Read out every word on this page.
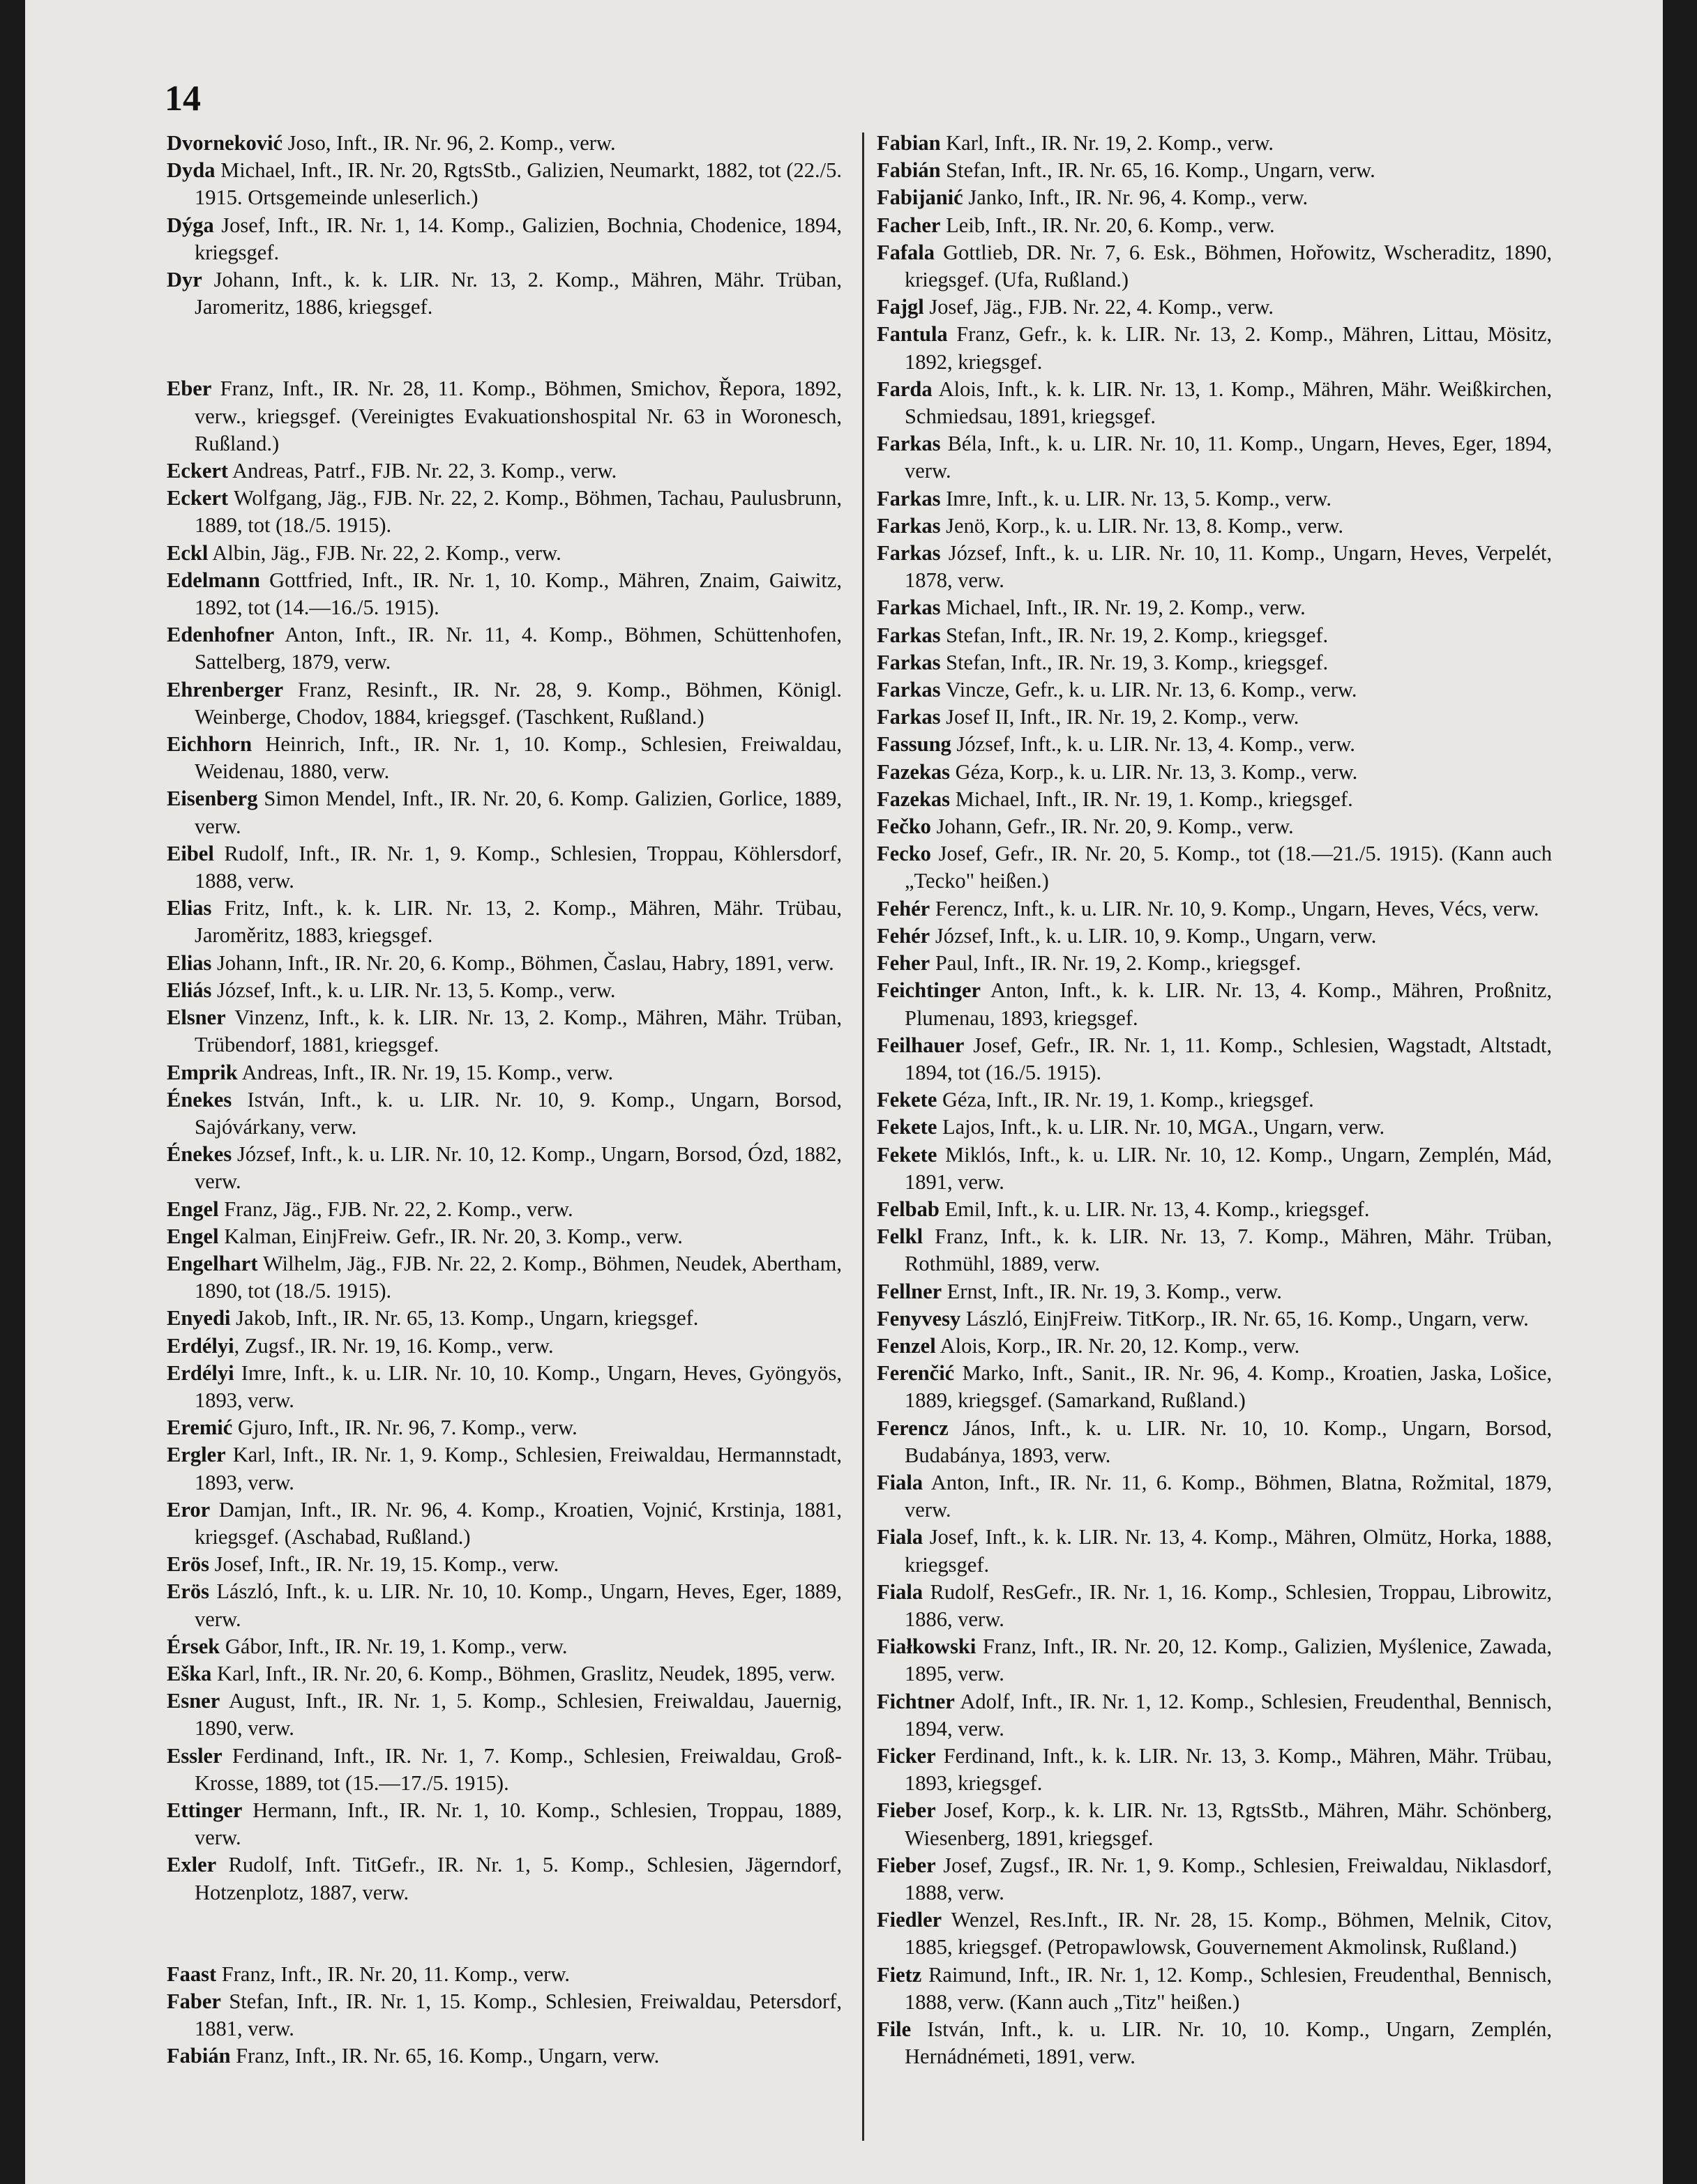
14

Dvorneković Joso, Inft., IR. Nr. 96, 2. Komp., verw.

Dyda Michael, Inft., IR. Nr. 20, RgtsStb., Galizien, Neumarkt, 1882, tot (22./5. 1915. Ortsgemeinde unleserlich.)

Dýga Josef, Inft., IR. Nr. 1, 14. Komp., Galizien, Bochnia, Chodenice, 1894, kriegsgef.

Dyr Johann, Inft., k. k. LIR. Nr. 13, 2. Komp., Mähren, Mähr. Trüban, Jaromeritz, 1886, kriegsgef.

Eber Franz, Inft., IR. Nr. 28, 11. Komp., Böhmen, Smichov, Řepora, 1892, verw., kriegsgef. (Vereinigtes Evakuationshospital Nr. 63 in Woronesch, Rußland.)

Eckert Andreas, Patrf., FJB. Nr. 22, 3. Komp., verw.

Eckert Wolfgang, Jäg., FJB. Nr. 22, 2. Komp., Böhmen, Tachau, Paulusbrunn, 1889, tot (18./5. 1915).

Eckl Albin, Jäg., FJB. Nr. 22, 2. Komp., verw.

Edelmann Gottfried, Inft., IR. Nr. 1, 10. Komp., Mähren, Znaim, Gaiwitz, 1892, tot (14.—16./5. 1915).

Edenhofner Anton, Inft., IR. Nr. 11, 4. Komp., Böhmen, Schüttenhofen, Sattelberg, 1879, verw.

Ehrenberger Franz, Resinft., IR. Nr. 28, 9. Komp., Böhmen, Königl. Weinberge, Chodov, 1884, kriegsgef. (Taschkent, Rußland.)

Eichhorn Heinrich, Inft., IR. Nr. 1, 10. Komp., Schlesien, Freiwaldau, Weidenau, 1880, verw.

Eisenberg Simon Mendel, Inft., IR. Nr. 20, 6. Komp. Galizien, Gorlice, 1889, verw.

Eibel Rudolf, Inft., IR. Nr. 1, 9. Komp., Schlesien, Troppau, Köhlersdorf, 1888, verw.

Elias Fritz, Inft., k. k. LIR. Nr. 13, 2. Komp., Mähren, Mähr. Trübau, Jaroměritz, 1883, kriegsgef.

Elias Johann, Inft., IR. Nr. 20, 6. Komp., Böhmen, Časlau, Habry, 1891, verw.

Eliás József, Inft., k. u. LIR. Nr. 13, 5. Komp., verw.

Elsner Vinzenz, Inft., k. k. LIR. Nr. 13, 2. Komp., Mähren, Mähr. Trüban, Trübendorf, 1881, kriegsgef.

Emprik Andreas, Inft., IR. Nr. 19, 15. Komp., verw.

Énekes István, Inft., k. u. LIR. Nr. 10, 9. Komp., Ungarn, Borsod, Sajóvárkany, verw.

Énekes József, Inft., k. u. LIR. Nr. 10, 12. Komp., Ungarn, Borsod, Ózd, 1882, verw.

Engel Franz, Jäg., FJB. Nr. 22, 2. Komp., verw.

Engel Kalman, EinjFreiw. Gefr., IR. Nr. 20, 3. Komp., verw.

Engelhart Wilhelm, Jäg., FJB. Nr. 22, 2. Komp., Böhmen, Neudek, Abertham, 1890, tot (18./5. 1915).

Enyedi Jakob, Inft., IR. Nr. 65, 13. Komp., Ungarn, kriegsgef.

Erdélyi, Zugsf., IR. Nr. 19, 16. Komp., verw.

Erdélyi Imre, Inft., k. u. LIR. Nr. 10, 10. Komp., Ungarn, Heves, Gyöngyös, 1893, verw.

Eremić Gjuro, Inft., IR. Nr. 96, 7. Komp., verw.

Ergler Karl, Inft., IR. Nr. 1, 9. Komp., Schlesien, Freiwaldau, Hermannstadt, 1893, verw.

Eror Damjan, Inft., IR. Nr. 96, 4. Komp., Kroatien, Vojnić, Krstinja, 1881, kriegsgef. (Aschabad, Rußland.)

Erös Josef, Inft., IR. Nr. 19, 15. Komp., verw.

Erös László, Inft., k. u. LIR. Nr. 10, 10. Komp., Ungarn, Heves, Eger, 1889, verw.

Érsek Gábor, Inft., IR. Nr. 19, 1. Komp., verw.

Eška Karl, Inft., IR. Nr. 20, 6. Komp., Böhmen, Graslitz, Neudek, 1895, verw.

Esner August, Inft., IR. Nr. 1, 5. Komp., Schlesien, Freiwaldau, Jauernig, 1890, verw.

Essler Ferdinand, Inft., IR. Nr. 1, 7. Komp., Schlesien, Freiwaldau, Groß-Krosse, 1889, tot (15.—17./5. 1915).

Ettinger Hermann, Inft., IR. Nr. 1, 10. Komp., Schlesien, Troppau, 1889, verw.

Exler Rudolf, Inft. TitGefr., IR. Nr. 1, 5. Komp., Schlesien, Jägerndorf, Hotzenplotz, 1887, verw.

Faast Franz, Inft., IR. Nr. 20, 11. Komp., verw.

Faber Stefan, Inft., IR. Nr. 1, 15. Komp., Schlesien, Freiwaldau, Petersdorf, 1881, verw.

Fabián Franz, Inft., IR. Nr. 65, 16. Komp., Ungarn, verw.

Fabian Karl, Inft., IR. Nr. 19, 2. Komp., verw.

Fabián Stefan, Inft., IR. Nr. 65, 16. Komp., Ungarn, verw.

Fabijanić Janko, Inft., IR. Nr. 96, 4. Komp., verw.

Facher Leib, Inft., IR. Nr. 20, 6. Komp., verw.

Fafala Gottlieb, DR. Nr. 7, 6. Esk., Böhmen, Hořowitz, Wscheraditz, 1890, kriegsgef. (Ufa, Rußland.)

Fajgl Josef, Jäg., FJB. Nr. 22, 4. Komp., verw.

Fantula Franz, Gefr., k. k. LIR. Nr. 13, 2. Komp., Mähren, Littau, Mösitz, 1892, kriegsgef.

Farda Alois, Inft., k. k. LIR. Nr. 13, 1. Komp., Mähren, Mähr. Weißkirchen, Schmiedsau, 1891, kriegsgef.

Farkas Béla, Inft., k. u. LIR. Nr. 10, 11. Komp., Ungarn, Heves, Eger, 1894, verw.

Farkas Imre, Inft., k. u. LIR. Nr. 13, 5. Komp., verw.

Farkas Jenö, Korp., k. u. LIR. Nr. 13, 8. Komp., verw.

Farkas József, Inft., k. u. LIR. Nr. 10, 11. Komp., Ungarn, Heves, Verpelét, 1878, verw.

Farkas Michael, Inft., IR. Nr. 19, 2. Komp., verw.

Farkas Stefan, Inft., IR. Nr. 19, 2. Komp., kriegsgef.

Farkas Stefan, Inft., IR. Nr. 19, 3. Komp., kriegsgef.

Farkas Vincze, Gefr., k. u. LIR. Nr. 13, 6. Komp., verw.

Farkas Josef II, Inft., IR. Nr. 19, 2. Komp., verw.

Fassung József, Inft., k. u. LIR. Nr. 13, 4. Komp., verw.

Fazekas Géza, Korp., k. u. LIR. Nr. 13, 3. Komp., verw.

Fazekas Michael, Inft., IR. Nr. 19, 1. Komp., kriegsgef.

Fečko Johann, Gefr., IR. Nr. 20, 9. Komp., verw.

Fecko Josef, Gefr., IR. Nr. 20, 5. Komp., tot (18.—21./5. 1915). (Kann auch „Tecko" heißen.)

Fehér Ferencz, Inft., k. u. LIR. Nr. 10, 9. Komp., Ungarn, Heves, Vécs, verw.

Fehér József, Inft., k. u. LIR. 10, 9. Komp., Ungarn, verw.

Feher Paul, Inft., IR. Nr. 19, 2. Komp., kriegsgef.

Feichtinger Anton, Inft., k. k. LIR. Nr. 13, 4. Komp., Mähren, Proßnitz, Plumenau, 1893, kriegsgef.

Feilhauer Josef, Gefr., IR. Nr. 1, 11. Komp., Schlesien, Wagstadt, Altstadt, 1894, tot (16./5. 1915).

Fekete Géza, Inft., IR. Nr. 19, 1. Komp., kriegsgef.

Fekete Lajos, Inft., k. u. LIR. Nr. 10, MGA., Ungarn, verw.

Fekete Miklós, Inft., k. u. LIR. Nr. 10, 12. Komp., Ungarn, Zemplén, Mád, 1891, verw.

Felbab Emil, Inft., k. u. LIR. Nr. 13, 4. Komp., kriegsgef.

Felkl Franz, Inft., k. k. LIR. Nr. 13, 7. Komp., Mähren, Mähr. Trüban, Rothmühl, 1889, verw.

Fellner Ernst, Inft., IR. Nr. 19, 3. Komp., verw.

Fenyvesy László, EinjFreiw. TitKorp., IR. Nr. 65, 16. Komp., Ungarn, verw.

Fenzel Alois, Korp., IR. Nr. 20, 12. Komp., verw.

Ferenčić Marko, Inft., Sanit., IR. Nr. 96, 4. Komp., Kroatien, Jaska, Lošice, 1889, kriegsgef. (Samarkand, Rußland.)

Ferencz János, Inft., k. u. LIR. Nr. 10, 10. Komp., Ungarn, Borsod, Budabánya, 1893, verw.

Fiala Anton, Inft., IR. Nr. 11, 6. Komp., Böhmen, Blatna, Rožmital, 1879, verw.

Fiala Josef, Inft., k. k. LIR. Nr. 13, 4. Komp., Mähren, Olmütz, Horka, 1888, kriegsgef.

Fiala Rudolf, ResGefr., IR. Nr. 1, 16. Komp., Schlesien, Troppau, Librowitz, 1886, verw.

Fiałkowski Franz, Inft., IR. Nr. 20, 12. Komp., Galizien, Myślenice, Zawada, 1895, verw.

Fichtner Adolf, Inft., IR. Nr. 1, 12. Komp., Schlesien, Freudenthal, Bennisch, 1894, verw.

Ficker Ferdinand, Inft., k. k. LIR. Nr. 13, 3. Komp., Mähren, Mähr. Trübau, 1893, kriegsgef.

Fieber Josef, Korp., k. k. LIR. Nr. 13, RgtsStb., Mähren, Mähr. Schönberg, Wiesenberg, 1891, kriegsgef.

Fieber Josef, Zugsf., IR. Nr. 1, 9. Komp., Schlesien, Freiwaldau, Niklasdorf, 1888, verw.

Fiedler Wenzel, Res.Inft., IR. Nr. 28, 15. Komp., Böhmen, Melnik, Citov, 1885, kriegsgef. (Petropawlowsk, Gouvernement Akmolinsk, Rußland.)

Fietz Raimund, Inft., IR. Nr. 1, 12. Komp., Schlesien, Freudenthal, Bennisch, 1888, verw. (Kann auch „Titz" heißen.)

File István, Inft., k. u. LIR. Nr. 10, 10. Komp., Ungarn, Zemplén, Hernádnémeti, 1891, verw.
